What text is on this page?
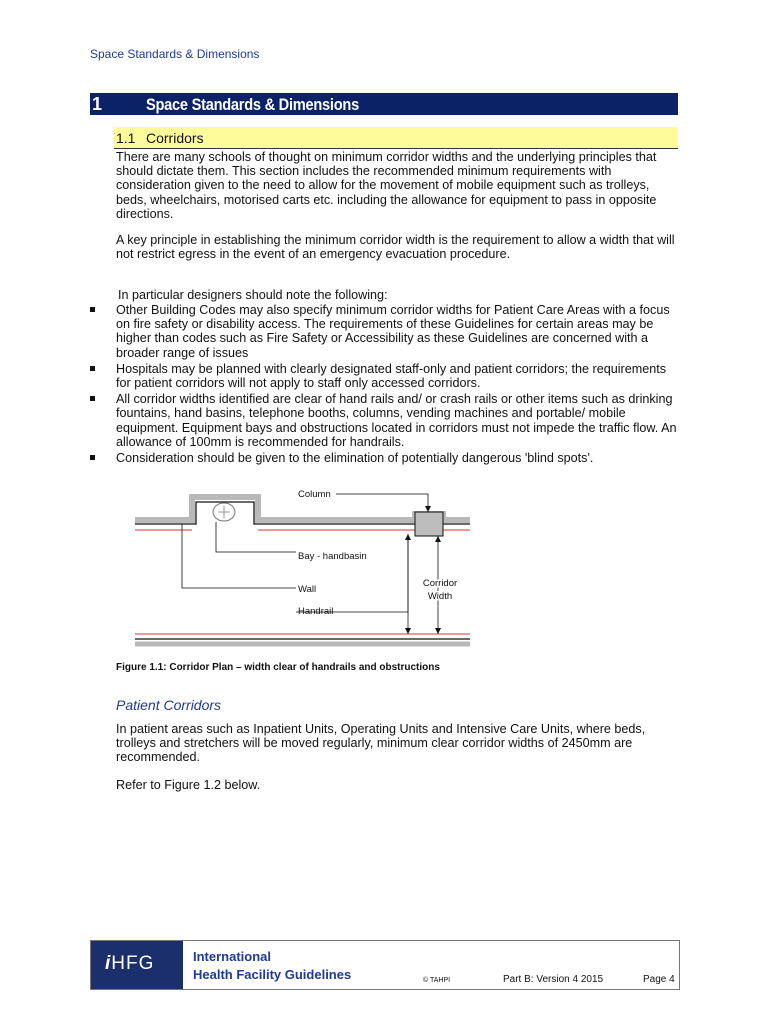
Space Standards & Dimensions
1	Space Standards & Dimensions
1.1 Corridors

There are many schools of thought on minimum corridor widths and the underlying principles that should dictate them. This section includes the recommended minimum requirements with consideration given to the need to allow for the movement of mobile equipment such as trolleys, beds, wheelchairs, motorised carts etc. including the allowance for equipment to pass in opposite directions.

A key principle in establishing the minimum corridor width is the requirement to allow a width that will not restrict egress in the event of an emergency evacuation procedure.

In particular designers should note the following:

Other Building Codes may also specify minimum corridor widths for Patient Care Areas with a focus on fire safety or disability access. The requirements of these Guidelines for certain areas may be higher than codes such as Fire Safety or Accessibility as these Guidelines are concerned with a broader range of issues
Hospitals may be planned with clearly designated staff-only and patient corridors; the requirements for patient corridors will not apply to staff only accessed corridors.
All corridor widths identified are clear of hand rails and/ or crash rails or other items such as drinking fountains, hand basins, telephone booths, columns, vending machines and portable/ mobile equipment. Equipment bays and obstructions located in corridors must not impede the traffic flow. An allowance of 100mm is recommended for handrails.
Consideration should be given to the elimination of potentially dangerous 'blind spots'.
Column
Bay - handbasin
Wall
Handrail
Corridor
Width
Figure 1.1: Corridor Plan – width clear of handrails and obstructions
Patient Corridors

In patient areas such as Inpatient Units, Operating Units and Intensive Care Units, where beds, trolleys and stretchers will be moved regularly, minimum clear corridor widths of 2450mm are recommended.

Refer to Figure 1.2 below.

iHFG	International
Health Facility Guidelines	© TAHPI	Part B: Version 4 2015	Page 4
